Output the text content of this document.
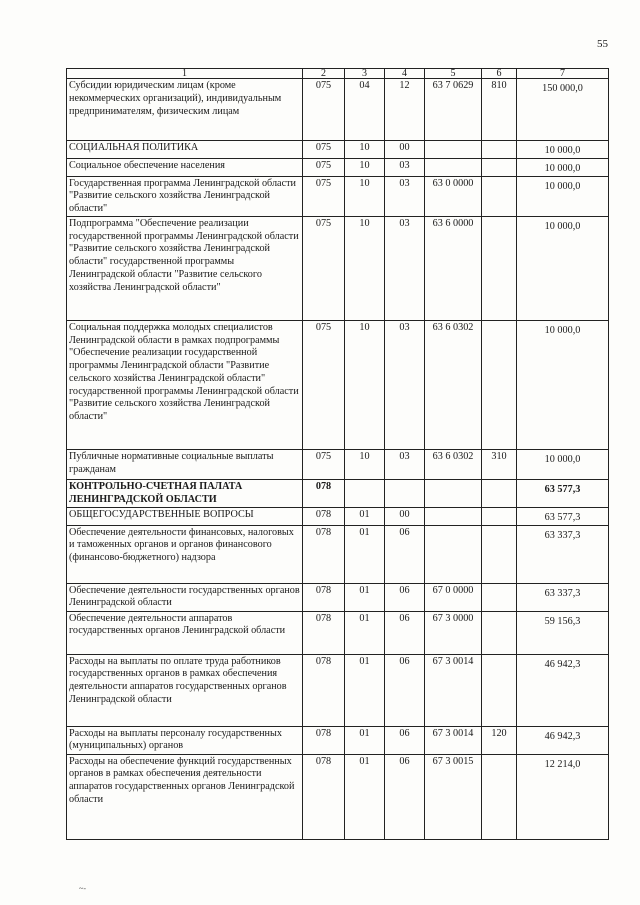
55
1	2	3	4	5	6	7
Субсидии юридическим лицам (кроме некоммерческих организаций), индивидуальным предпринимателям, физическим лицам	075	04	12	63 7 0629	810	150 000,0
СОЦИАЛЬНАЯ ПОЛИТИКА	075	10	00			10 000,0
Социальное обеспечение населения	075	10	03			10 000,0
Государственная программа Ленинградской области "Развитие сельского хозяйства Ленинградской области"	075	10	03	63 0 0000		10 000,0
Подпрограмма "Обеспечение реализации государственной программы Ленинградской области "Развитие сельского хозяйства Ленинградской области" государственной программы Ленинградской области "Развитие сельского хозяйства Ленинградской области"	075	10	03	63 6 0000		10 000,0
Социальная поддержка молодых специалистов Ленинградской области в рамках подпрограммы "Обеспечение реализации государственной программы Ленинградской области "Развитие сельского хозяйства Ленинградской области" государственной программы Ленинградской области "Развитие сельского хозяйства Ленинградской области"	075	10	03	63 6 0302		10 000,0
Публичные нормативные социальные выплаты гражданам	075	10	03	63 6 0302	310	10 000,0
КОНТРОЛЬНО-СЧЕТНАЯ ПАЛАТА ЛЕНИНГРАДСКОЙ ОБЛАСТИ	078					63 577,3
ОБЩЕГОСУДАРСТВЕННЫЕ ВОПРОСЫ	078	01	00			63 577,3
Обеспечение деятельности финансовых, налоговых и таможенных органов и органов финансового (финансово-бюджетного) надзора	078	01	06			63 337,3
Обеспечение деятельности государственных органов Ленинградской области	078	01	06	67 0 0000		63 337,3
Обеспечение деятельности аппаратов государственных органов Ленинградской области	078	01	06	67 3 0000		59 156,3
Расходы на выплаты по оплате труда работников государственных органов в рамках обеспечения деятельности аппаратов государственных органов Ленинградской области	078	01	06	67 3 0014		46 942,3
Расходы на выплаты персоналу государственных (муниципальных) органов	078	01	06	67 3 0014	120	46 942,3
Расходы на обеспечение функций государственных органов в рамках обеспечения деятельности аппаратов государственных органов Ленинградской области	078	01	06	67 3 0015		12 214,0
~-
